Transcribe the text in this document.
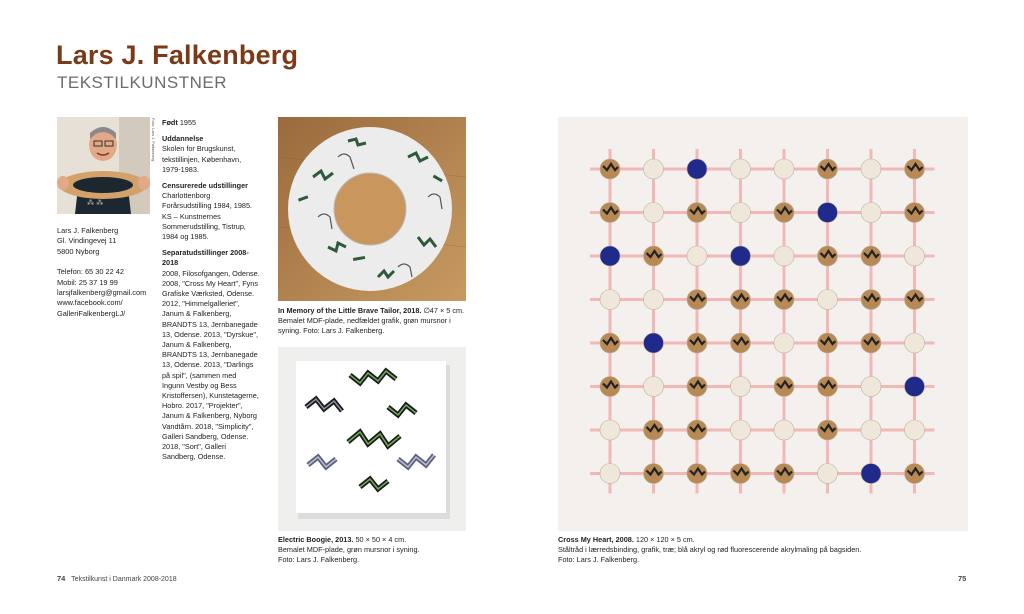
Lars J. Falkenberg
TEKSTILKUNSTNER
⁂ ⁂
Foto: Lars J. Falkenberg
Lars J. Falkenberg
Gl. Vindingevej 11
5800 Nyborg
Telefon: 65 30 22 42
Mobil: 25 37 19 99
larsjfalkenberg@gmail.com
www.facebook.com/
GalleriFalkenbergLJ/
Født 1955
Uddannelse
Skolen for Brugskunst, tekstillinjen, København, 1979-1983.
Censurerede udstillinger
Charlottenborg Forårsudstilling 1984, 1985. KS – Kunstnernes Sommerudstilling, Tistrup, 1984 og 1985.
Separatudstillinger 2008-2018
2008, Filosofgangen, Odense. 2008, "Cross My Heart", Fyns Grafiske Værksted, Odense. 2012, "Himmelgalleriet", Janum & Falkenberg, BRANDTS 13, Jernbanegade 13, Odense. 2013, "Dyrskue", Janum & Falkenberg, BRANDTS 13, Jernbanegade 13, Odense. 2013, "Darlings på spil", (sammen med Ingunn Vestby og Bess Kristoffersen), Kunstetagerne, Hobro. 2017, "Projekter", Janum & Falkenberg, Nyborg Vandtårn. 2018, "Simplicity", Galleri Sandberg, Odense. 2018, "Sort", Galleri Sandberg, Odense.
In Memory of the Little Brave Tailor, 2018. ∅47 × 5 cm.
Bemalet MDF-plade, nedfældet grafik, grøn mursnor i syning. Foto: Lars J. Falkenberg.
Electric Boogie, 2013. 50 × 50 × 4 cm.
Bemalet MDF-plade, grøn mursnor i syning.
Foto: Lars J. Falkenberg.
Cross My Heart, 2008. 120 × 120 × 5 cm.
Ståltråd i lærredsbinding, grafik, træ; blå akryl og rød fluorescerende akrylmaling på bagsiden.
Foto: Lars J. Falkenberg.
74 Tekstilkunst i Danmark 2008-2018	75
